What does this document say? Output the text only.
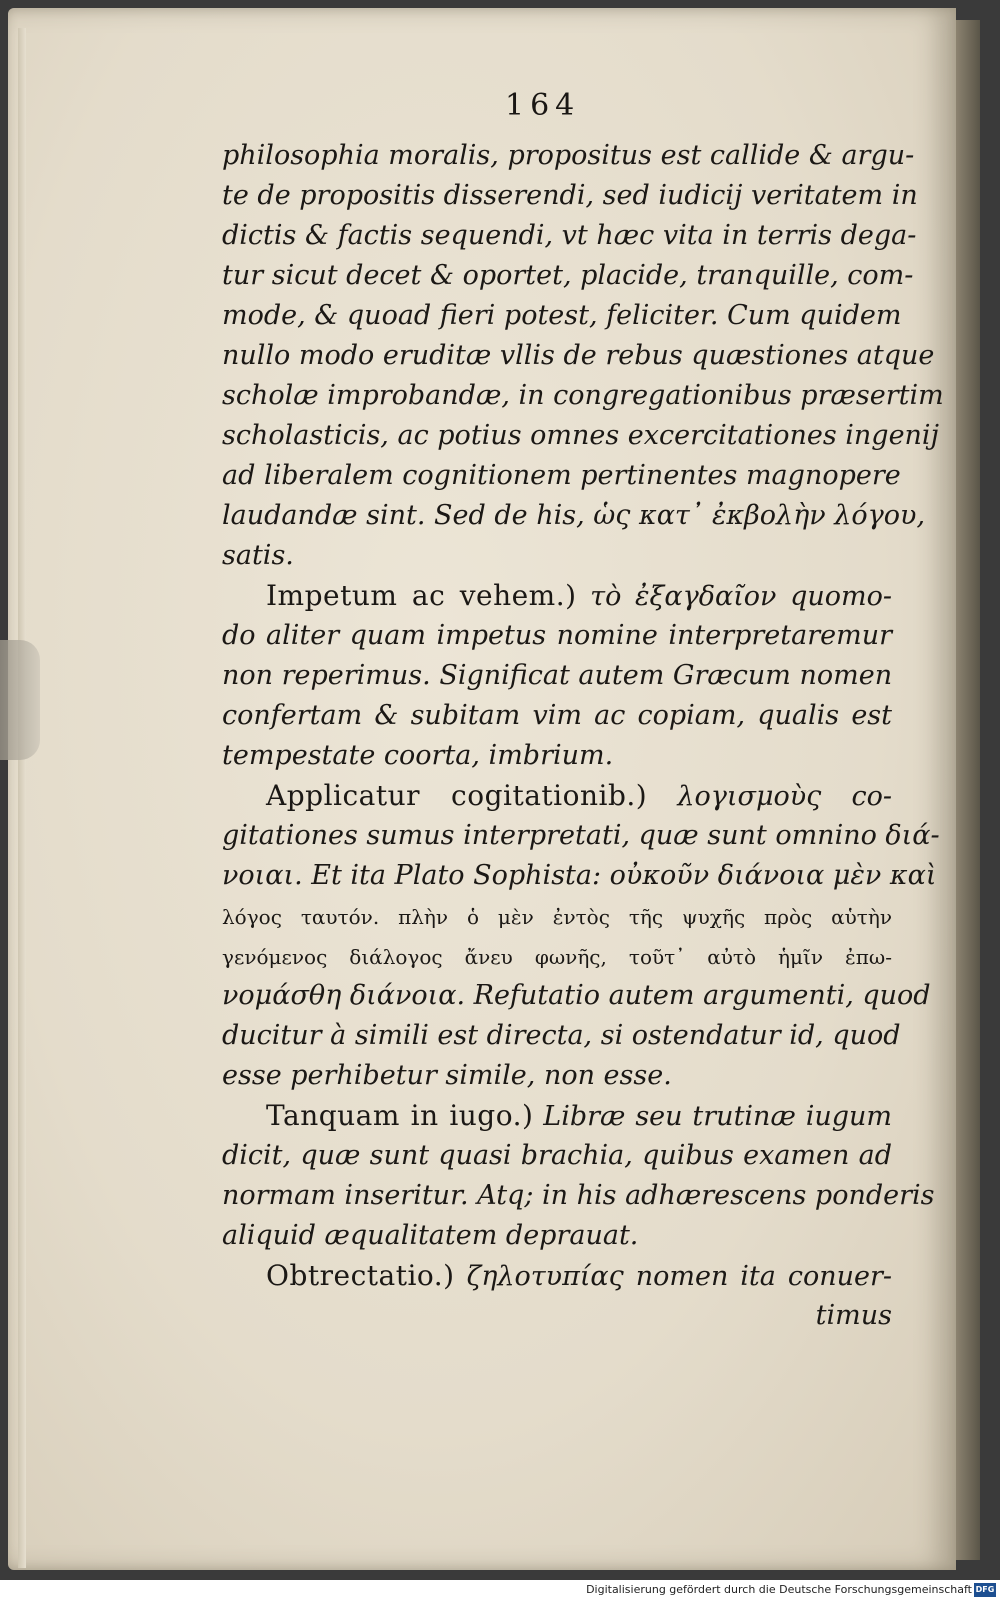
164
philosophia moralis, propositus est callide & argu-
te de propositis disserendi, sed iudicij veritatem in
dictis & factis sequendi, vt hæc vita in terris dega-
tur sicut decet & oportet, placide, tranquille, com-
mode, & quoad fieri potest, feliciter. Cum quidem
nullo modo eruditæ vllis de rebus quæstiones atque
scholæ improbandæ, in congregationibus præsertim
scholasticis, ac potius omnes excercitationes ingenij
ad liberalem cognitionem pertinentes magnopere
laudandæ sint. Sed de his, ὡς κατ᾽ ἐκβολὴν λόγου,
satis.
Impetum ac vehem.) τὸ ἐξαγδαῖον quomo-
do aliter quam impetus nomine interpretaremur
non reperimus. Significat autem Græcum nomen
confertam & subitam vim ac copiam, qualis est
tempestate coorta, imbrium.
Applicatur cogitationib.) λογισμοὺς co-
gitationes sumus interpretati, quæ sunt omnino διά-
νοιαι. Et ita Plato Sophista: οὐκοῦν διάνοια μὲν καὶ
λόγος ταυτόν. πλὴν ὁ μὲν ἐντὸς τῆς ψυχῆς πρὸς αὑτὴν
γενόμενος διάλογος ἄνευ φωνῆς, τοῦτ᾽ αὐτὸ ἡμῖν ἐπω-
νομάσθη διάνοια. Refutatio autem argumenti, quod
ducitur à simili est directa, si ostendatur id, quod
esse perhibetur simile, non esse.
Tanquam in iugo.) Libræ seu trutinæ iugum
dicit, quæ sunt quasi brachia, quibus examen ad
normam inseritur. Atq; in his adhærescens ponderis
aliquid æqualitatem deprauat.
Obtrectatio.) ζηλοτυπίας nomen ita conuer-
timus
Digitalisierung gefördert durch die Deutsche Forschungsgemeinschaft DFG
